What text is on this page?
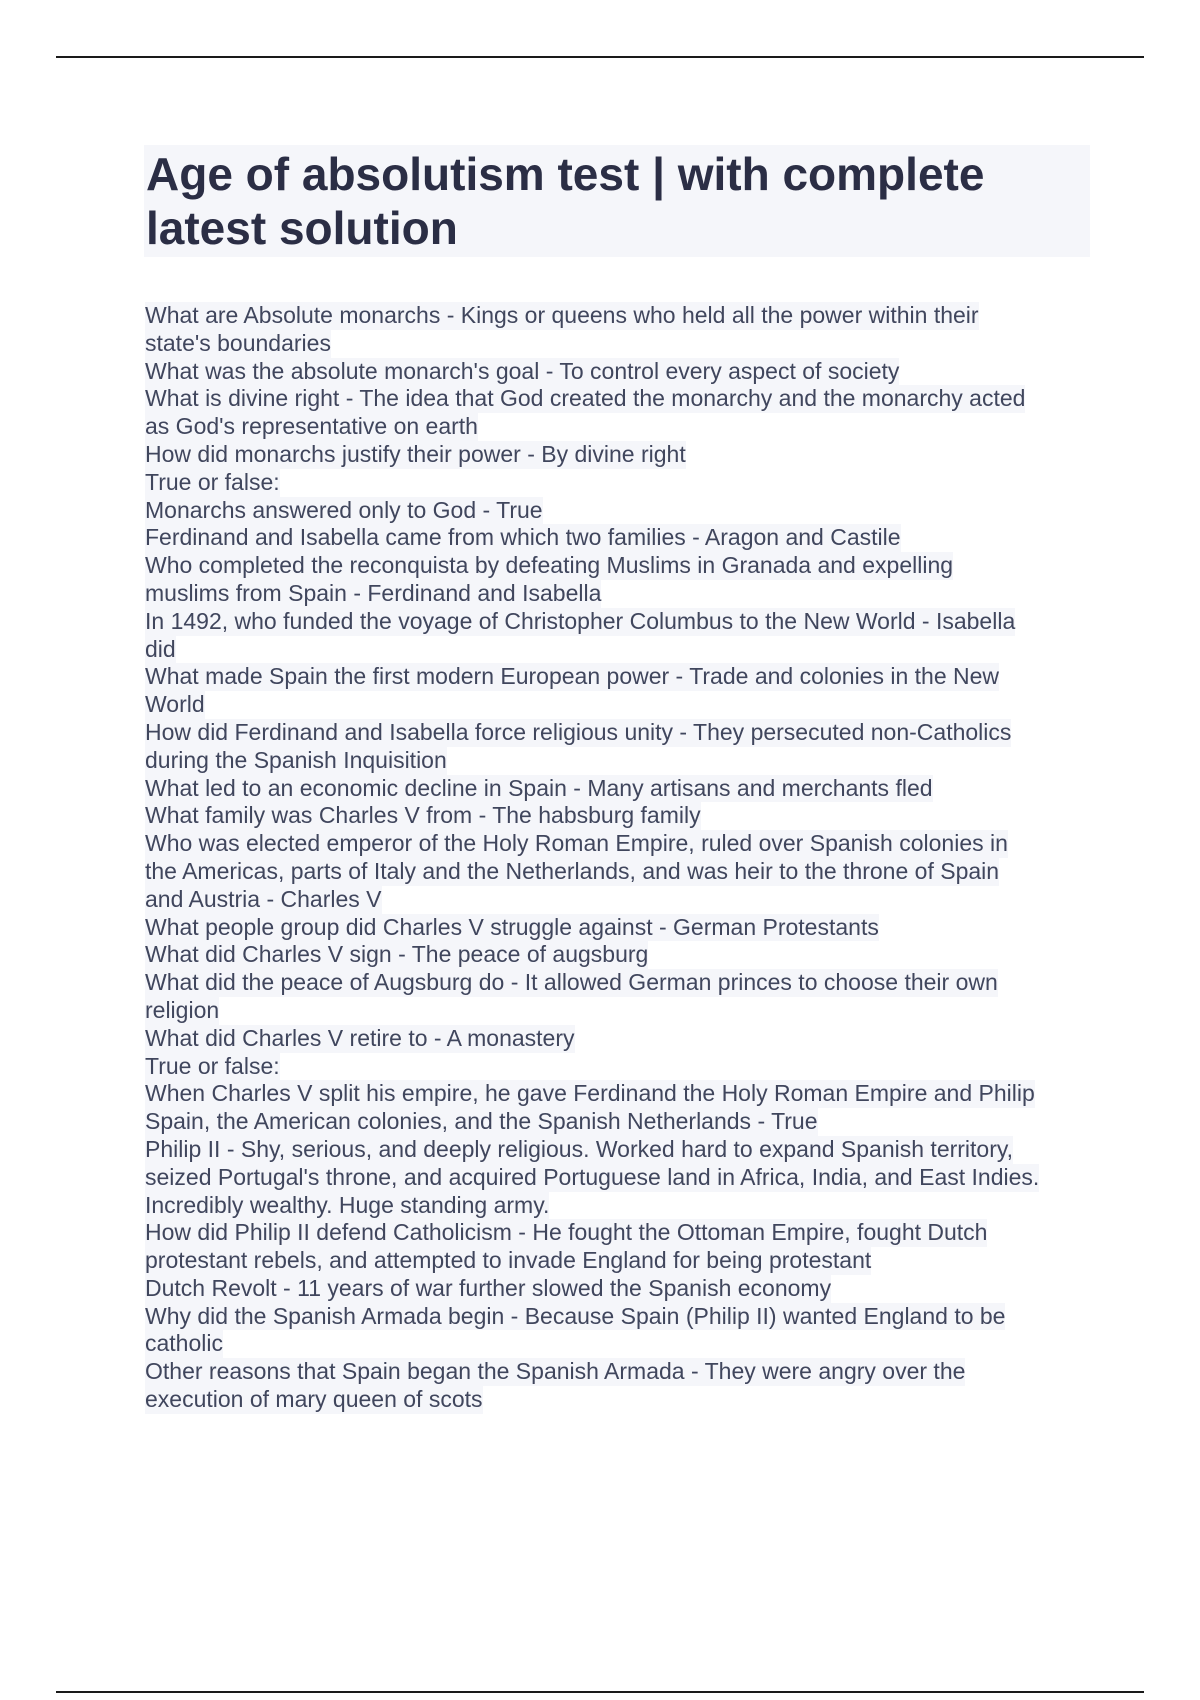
Age of absolutism test | with complete
latest solution

What are Absolute monarchs - Kings or queens who held all the power within their

state's boundaries

What was the absolute monarch's goal - To control every aspect of society

What is divine right - The idea that God created the monarchy and the monarchy acted

as God's representative on earth

How did monarchs justify their power - By divine right

True or false:

Monarchs answered only to God - True

Ferdinand and Isabella came from which two families - Aragon and Castile

Who completed the reconquista by defeating Muslims in Granada and expelling

muslims from Spain - Ferdinand and Isabella

In 1492, who funded the voyage of Christopher Columbus to the New World - Isabella

did

What made Spain the first modern European power - Trade and colonies in the New

World

How did Ferdinand and Isabella force religious unity - They persecuted non-Catholics

during the Spanish Inquisition

What led to an economic decline in Spain - Many artisans and merchants fled

What family was Charles V from - The habsburg family

Who was elected emperor of the Holy Roman Empire, ruled over Spanish colonies in

the Americas, parts of Italy and the Netherlands, and was heir to the throne of Spain

and Austria - Charles V

What people group did Charles V struggle against - German Protestants

What did Charles V sign - The peace of augsburg

What did the peace of Augsburg do - It allowed German princes to choose their own

religion

What did Charles V retire to - A monastery

True or false:

When Charles V split his empire, he gave Ferdinand the Holy Roman Empire and Philip

Spain, the American colonies, and the Spanish Netherlands - True

Philip II - Shy, serious, and deeply religious. Worked hard to expand Spanish territory,

seized Portugal's throne, and acquired Portuguese land in Africa, India, and East Indies.

Incredibly wealthy. Huge standing army.

How did Philip II defend Catholicism - He fought the Ottoman Empire, fought Dutch

protestant rebels, and attempted to invade England for being protestant

Dutch Revolt - 11 years of war further slowed the Spanish economy

Why did the Spanish Armada begin - Because Spain (Philip II) wanted England to be

catholic

Other reasons that Spain began the Spanish Armada - They were angry over the

execution of mary queen of scots
